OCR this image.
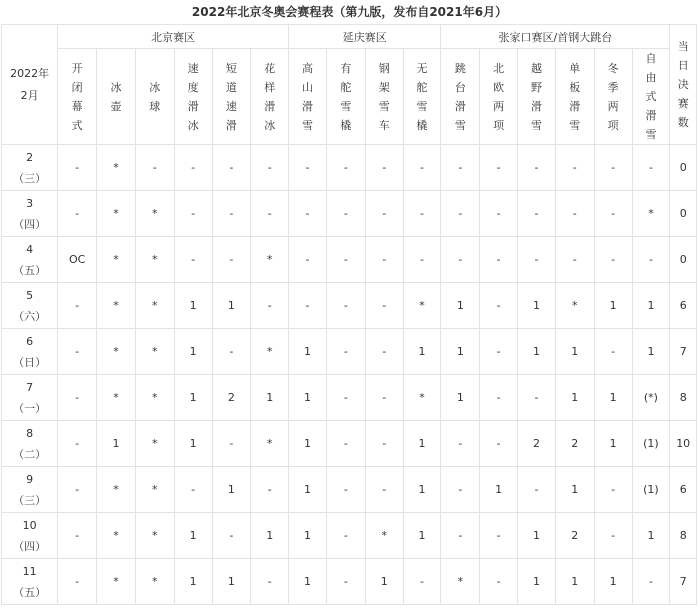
2022年北京冬奥会赛程表（第九版，发布自2021年6月）
2022年
2月	北京赛区						延庆赛区				张家口赛区/首钢大跳台						当日决赛数
	开闭幕式	冰壶	冰球	速度滑冰	短道速滑	花样滑冰	高山滑雪	有舵雪橇	钢架雪车	无舵雪橇	跳台滑雪	北欧两项	越野滑雪	单板滑雪	冬季两项	自由式滑雪	

2
（三）	-	*	-	-	-	-	-	-	-	-	-	-	-	-	-	-	0

3
（四）	-	*	*	-	-	-	-	-	-	-	-	-	-	-	-	*	0

4
（五）	OC	*	*	-	-	*	-	-	-	-	-	-	-	-	-	-	0

5
（六）	-	*	*	1	1	-	-	-	-	*	1	-	1	*	1	1	6

6
（日）	-	*	*	1	-	*	1	-	-	1	1	-	1	1	-	1	7

7
（一）	-	*	*	1	2	1	1	-	-	*	1	-	-	1	1	(*)	8

8
（二）	-	1	*	1	-	*	1	-	-	1	-	-	2	2	1	(1)	10

9
（三）	-	*	*	-	1	-	1	-	-	1	-	1	-	1	-	(1)	6

10
（四）	-	*	*	1	-	1	1	-	*	1	-	-	1	2	-	1	8

11
（五）	-	*	*	1	1	-	1	-	1	-	*	-	1	1	1	-	7
